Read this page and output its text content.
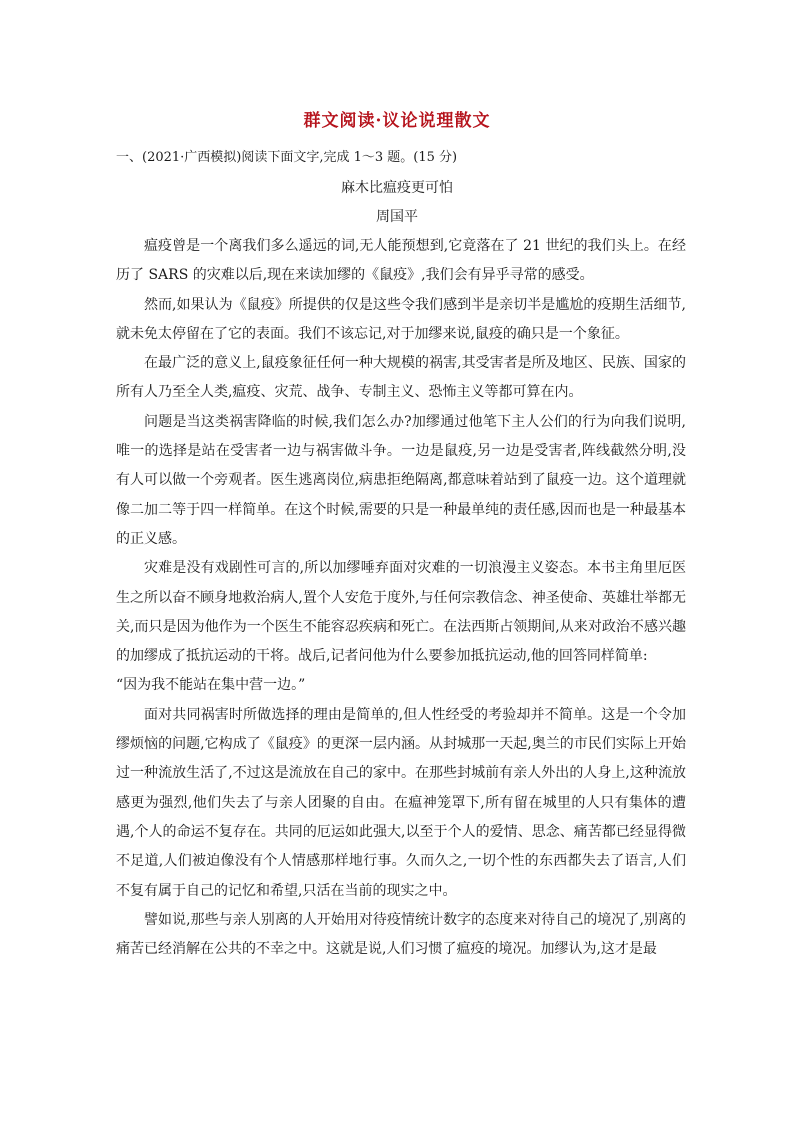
群文阅读·议论说理散文
一、(2021·广西模拟)阅读下面文字,完成 1～3 题。(15 分)
麻木比瘟疫更可怕
周国平

瘟疫曾是一个离我们多么遥远的词,无人能预想到,它竟落在了 21 世纪的我们头上。在经历了 SARS 的灾难以后,现在来读加缪的《鼠疫》,我们会有异乎寻常的感受。

然而,如果认为《鼠疫》所提供的仅是这些令我们感到半是亲切半是尴尬的疫期生活细节,就未免太停留在了它的表面。我们不该忘记,对于加缪来说,鼠疫的确只是一个象征。

在最广泛的意义上,鼠疫象征任何一种大规模的祸害,其受害者是所及地区、民族、国家的所有人乃至全人类,瘟疫、灾荒、战争、专制主义、恐怖主义等都可算在内。

问题是当这类祸害降临的时候,我们怎么办?加缪通过他笔下主人公们的行为向我们说明,唯一的选择是站在受害者一边与祸害做斗争。一边是鼠疫,另一边是受害者,阵线截然分明,没有人可以做一个旁观者。医生逃离岗位,病患拒绝隔离,都意味着站到了鼠疫一边。这个道理就像二加二等于四一样简单。在这个时候,需要的只是一种最单纯的责任感,因而也是一种最基本的正义感。

灾难是没有戏剧性可言的,所以加缪唾弃面对灾难的一切浪漫主义姿态。本书主角里厄医生之所以奋不顾身地救治病人,置个人安危于度外,与任何宗教信念、神圣使命、英雄壮举都无关,而只是因为他作为一个医生不能容忍疾病和死亡。在法西斯占领期间,从来对政治不感兴趣的加缪成了抵抗运动的干将。战后,记者问他为什么要参加抵抗运动,他的回答同样简单:

“因为我不能站在集中营一边。”

面对共同祸害时所做选择的理由是简单的,但人性经受的考验却并不简单。这是一个令加缪烦恼的问题,它构成了《鼠疫》的更深一层内涵。从封城那一天起,奥兰的市民们实际上开始过一种流放生活了,不过这是流放在自己的家中。在那些封城前有亲人外出的人身上,这种流放感更为强烈,他们失去了与亲人团聚的自由。在瘟神笼罩下,所有留在城里的人只有集体的遭遇,个人的命运不复存在。共同的厄运如此强大,以至于个人的爱情、思念、痛苦都已经显得微不足道,人们被迫像没有个人情感那样地行事。久而久之,一切个性的东西都失去了语言,人们不复有属于自己的记忆和希望,只活在当前的现实之中。

譬如说,那些与亲人别离的人开始用对待疫情统计数字的态度来对待自己的境况了,别离的痛苦已经消解在公共的不幸之中。这就是说,人们习惯了瘟疫的境况。加缪认为,这才是最
